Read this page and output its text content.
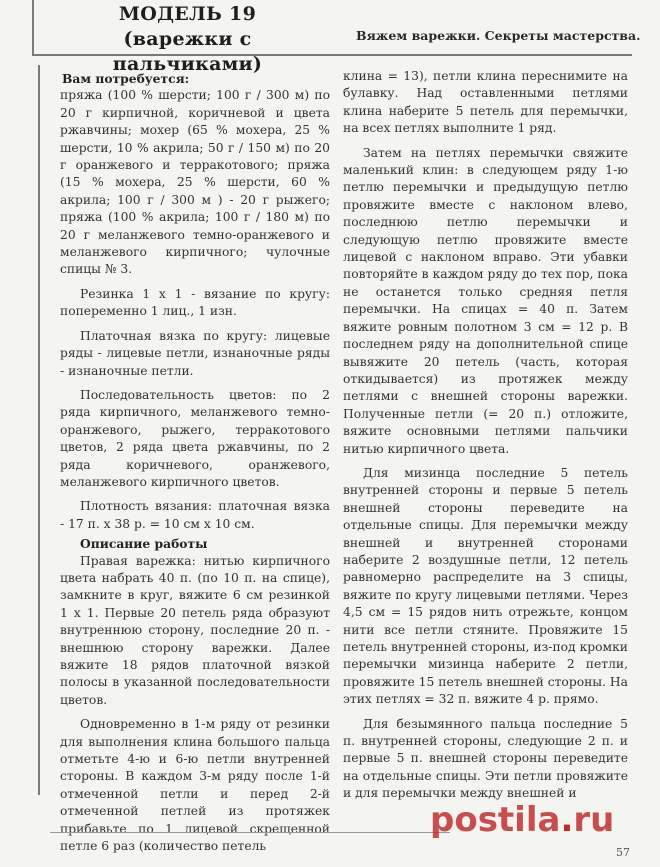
МОДЕЛЬ 19
(варежки с пальчиками)
Вяжем варежки. Секреты мастерства.
Вам потребуется:

пряжа (100 % шерсти; 100 г / 300 м) по 20 г кирпичной, коричневой и цвета ржавчины; мохер (65 % мохера, 25 % шерсти, 10 % акрила; 50 г / 150 м) по 20 г оранжевого и терракотового; пряжа (15 % мохера, 25 % шерсти, 60 % акрила; 100 г / 300 м ) - 20 г рыжего; пряжа (100 % акрила; 100 г / 180 м) по 20 г меланжевого темно-оранжевого и меланжевого кирпичного; чулочные спицы № 3.

Резинка 1 х 1 - вязание по кругу: попеременно 1 лиц., 1 изн.

Платочная вязка по кругу: лицевые ряды - лицевые петли, изнаночные ряды - изнаночные петли.

Последовательность цветов: по 2 ряда кирпичного, меланжевого темно-оранжевого, рыжего, терракотового цветов, 2 ряда цвета ржавчины, по 2 ряда коричневого, оранжевого, меланжевого кирпичного цветов.

Плотность вязания: платочная вязка - 17 п. х 38 р. = 10 см х 10 см.

Описание работы

Правая варежка: нитью кирпичного цвета набрать 40 п. (по 10 п. на спице), замкните в круг, вяжите 6 см резинкой 1 х 1. Первые 20 петель ряда образуют внутреннюю сторону, последние 20 п. - внешнюю сторону варежки. Далее вяжите 18 рядов платочной вязкой полосы в указанной последовательности цветов.

Одновременно в 1-м ряду от резинки для выполнения клина большого пальца отметьте 4-ю и 6-ю петли внутренней стороны. В каждом 3-м ряду после 1-й отмеченной петли и перед 2-й отмеченной петлей из протяжек прибавьте по 1 лицевой скрещенной петле 6 раз (количество петель

клина = 13), петли клина переснимите на булавку. Над оставленными петлями клина наберите 5 петель для перемычки, на всех петлях выполните 1 ряд.

Затем на петлях перемычки свяжите маленький клин: в следующем ряду 1-ю петлю перемычки и предыдущую петлю провяжите вместе с наклоном влево, последнюю петлю перемычки и следующую петлю провяжите вместе лицевой с наклоном вправо. Эти убавки повторяйте в каждом ряду до тех пор, пока не останется только средняя петля перемычки. На спицах = 40 п. Затем вяжите ровным полотном 3 см = 12 р. В последнем ряду на дополнительной спице вывяжите 20 петель (часть, которая откидывается) из протяжек между петлями с внешней стороны варежки. Полученные петли (= 20 п.) отложите, вяжите основными петлями пальчики нитью кирпичного цвета.

Для мизинца последние 5 петель внутренней стороны и первые 5 петель внешней стороны переведите на отдельные спицы. Для перемычки между внешней и внутренней сторонами наберите 2 воздушные петли, 12 петель равномерно распределите на 3 спицы, вяжите по кругу лицевыми петлями. Через 4,5 см = 15 рядов нить отрежьте, концом нити все петли стяните. Провяжите 15 петель внутренней стороны, из-под кромки перемычки мизинца наберите 2 петли, провяжите 15 петель внешней стороны. На этих петлях = 32 п. вяжите 4 р. прямо.

Для безымянного пальца последние 5 п. внутренней стороны, следующие 2 п. и первые 5 п. внешней стороны переведите на отдельные спицы. Эти петли провяжите и для перемычки между внешней и

postila.ru
57
